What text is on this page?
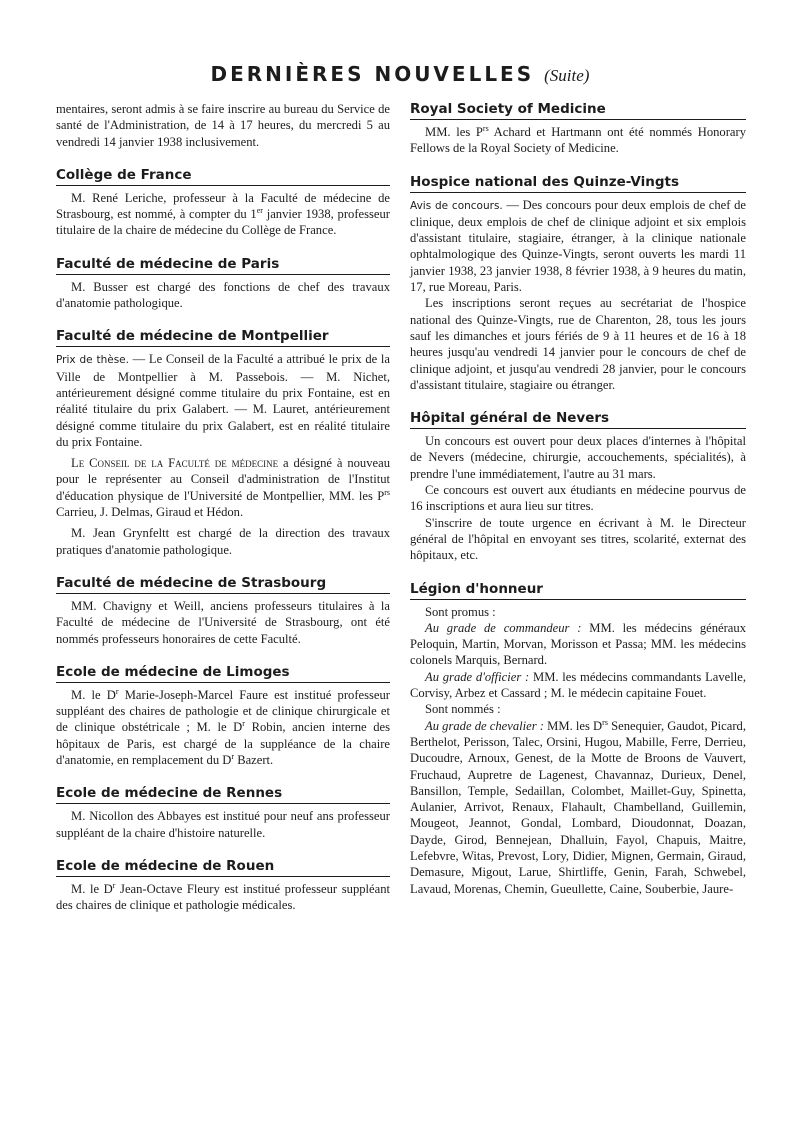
DERNIÈRES NOUVELLES (Suite)

mentaires, seront admis à se faire inscrire au bureau du Service de santé de l'Administration, de 14 à 17 heures, du mercredi 5 au vendredi 14 janvier 1938 inclusivement.

Collège de France

M. René Leriche, professeur à la Faculté de médecine de Strasbourg, est nommé, à compter du 1er janvier 1938, professeur titulaire de la chaire de médecine du Collège de France.

Faculté de médecine de Paris

M. Busser est chargé des fonctions de chef des travaux d'anatomie pathologique.

Faculté de médecine de Montpellier

Prix de thèse. — Le Conseil de la Faculté a attribué le prix de la Ville de Montpellier à M. Passebois. — M. Nichet, antérieurement désigné comme titulaire du prix Fontaine, est en réalité titulaire du prix Galabert. — M. Lauret, antérieurement désigné comme titulaire du prix Galabert, est en réalité titulaire du prix Fontaine.

Le Conseil de la Faculté de médecine a désigné à nouveau pour le représenter au Conseil d'administration de l'Institut d'éducation physique de l'Université de Montpellier, MM. les $P^{rs}$ Carrieu, J. Delmas, Giraud et Hédon.

M. Jean Grynfeltt est chargé de la direction des travaux pratiques d'anatomie pathologique.

Faculté de médecine de Strasbourg

MM. Chavigny et Weill, anciens professeurs titulaires à la Faculté de médecine de l'Université de Strasbourg, ont été nommés professeurs honoraires de cette Faculté.

Ecole de médecine de Limoges

M. le $D^r$ Marie-Joseph-Marcel Faure est institué professeur suppléant des chaires de pathologie et de clinique chirurgicale et de clinique obstétricale ; M. le $D^r$ Robin, ancien interne des hôpitaux de Paris, est chargé de la suppléance de la chaire d'anatomie, en remplacement du $D^r$ Bazert.

Ecole de médecine de Rennes

M. Nicollon des Abbayes est institué pour neuf ans professeur suppléant de la chaire d'histoire naturelle.

Ecole de médecine de Rouen

M. le $D^r$ Jean-Octave Fleury est institué professeur suppléant des chaires de clinique et pathologie médicales.

Royal Society of Medicine

MM. les $P^{rs}$ Achard et Hartmann ont été nommés Honorary Fellows de la Royal Society of Medicine.

Hospice national des Quinze-Vingts

Avis de concours. — Des concours pour deux emplois de chef de clinique, deux emplois de chef de clinique adjoint et six emplois d'assistant titulaire, stagiaire, étranger, à la clinique nationale ophtalmologique des Quinze-Vingts, seront ouverts les mardi 11 janvier 1938, 23 janvier 1938, 8 février 1938, à 9 heures du matin, 17, rue Moreau, Paris.

Les inscriptions seront reçues au secrétariat de l'hospice national des Quinze-Vingts, rue de Charenton, 28, tous les jours sauf les dimanches et jours fériés de 9 à 11 heures et de 16 à 18 heures jusqu'au vendredi 14 janvier pour le concours de chef de clinique adjoint, et jusqu'au vendredi 28 janvier, pour le concours d'assistant titulaire, stagiaire ou étranger.

Hôpital général de Nevers

Un concours est ouvert pour deux places d'internes à l'hôpital de Nevers (médecine, chirurgie, accouchements, spécialités), à prendre l'une immédiatement, l'autre au 31 mars.

Ce concours est ouvert aux étudiants en médecine pourvus de 16 inscriptions et aura lieu sur titres.

S'inscrire de toute urgence en écrivant à M. le Directeur général de l'hôpital en envoyant ses titres, scolarité, externat des hôpitaux, etc.

Légion d'honneur

Sont promus :

Au grade de commandeur : MM. les médecins généraux Peloquin, Martin, Morvan, Morisson et Passa; MM. les médecins colonels Marquis, Bernard.

Au grade d'officier : MM. les médecins commandants Lavelle, Corvisy, Arbez et Cassard ; M. le médecin capitaine Fouet.

Sont nommés :

Au grade de chevalier : MM. les $D^{rs}$ Senequier, Gaudot, Picard, Berthelot, Perisson, Talec, Orsini, Hugou, Mabille, Ferre, Derrieu, Ducoudre, Arnoux, Genest, de la Motte de Broons de Vauvert, Fruchaud, Aupretre de Lagenest, Chavannaz, Durieux, Denel, Bansillon, Temple, Sedaillan, Colombet, Maillet-Guy, Spinetta, Aulanier, Arrivot, Renaux, Flahault, Chambelland, Guillemin, Mougeot, Jeannot, Gondal, Lombard, Dioudonnat, Doazan, Dayde, Girod, Bennejean, Dhalluin, Fayol, Chapuis, Maitre, Lefebvre, Witas, Prevost, Lory, Didier, Mignen, Germain, Giraud, Demasure, Migout, Larue, Shirtliffe, Genin, Farah, Schwebel, Lavaud, Morenas, Chemin, Gueullette, Caine, Souberbie, Jaure-
